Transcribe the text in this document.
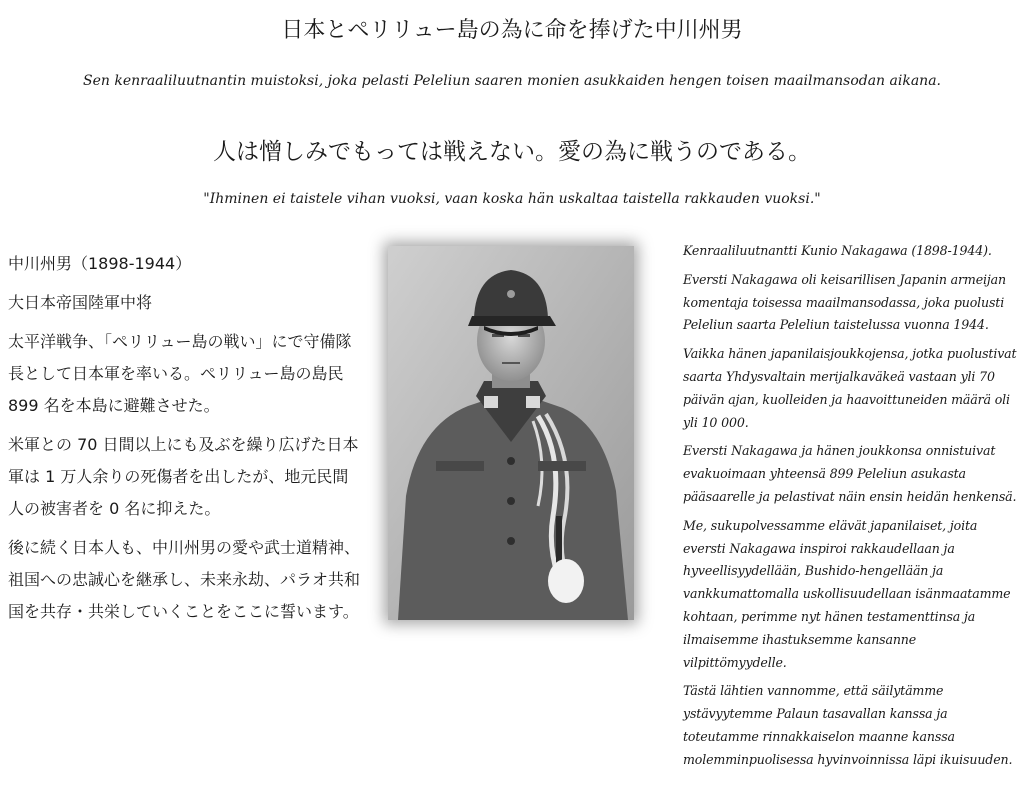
日本とペリリュー島の為に命を捧げた中川州男

Sen kenraaliluutnantin muistoksi, joka pelasti Peleliun saaren monien asukkaiden hengen toisen maailmansodan aikana.

人は憎しみでもっては戦えない。愛の為に戦うのである。

"Ihminen ei taistele vihan vuoksi, vaan koska hän uskaltaa taistella rakkauden vuoksi."

中川州男（1898-1944）

大日本帝国陸軍中将

太平洋戦争、「ペリリュー島の戦い」にで守備隊長として日本軍を率いる。ペリリュー島の島民 899 名を本島に避難させた。

米軍との 70 日間以上にも及ぶを繰り広げた日本軍は 1 万人余りの死傷者を出したが、地元民間人の被害者を 0 名に抑えた。

後に続く日本人も、中川州男の愛や武士道精神、祖国への忠誠心を継承し、未来永劫、パラオ共和国を共存・共栄していくことをここに誓います。

Kenraaliluutnantti Kunio Nakagawa (1898-1944).

Eversti Nakagawa oli keisarillisen Japanin armeijan komentaja toisessa maailmansodassa, joka puolusti Peleliun saarta Peleliun taistelussa vuonna 1944.

Vaikka hänen japanilaisjoukkojensa, jotka puolustivat saarta Yhdysvaltain merijalkaväkeä vastaan yli 70 päivän ajan, kuolleiden ja haavoittuneiden määrä oli yli 10 000.

Eversti Nakagawa ja hänen joukkonsa onnistuivat evakuoimaan yhteensä 899 Peleliun asukasta pääsaarelle ja pelastivat näin ensin heidän henkensä.

Me, sukupolvessamme elävät japanilaiset, joita eversti Nakagawa inspiroi rakkaudellaan ja hyveellisyydellään, Bushido-hengellään ja vankkumattomalla uskollisuudellaan isänmaatamme kohtaan, perimme nyt hänen testamenttinsa ja ilmaisemme ihastuksemme kansanne vilpittömyydelle.

Tästä lähtien vannomme, että säilytämme ystävyytemme Palaun tasavallan kanssa ja toteutamme rinnakkaiselon maanne kanssa molemminpuolisessa hyvinvoinnissa läpi ikuisuuden.
